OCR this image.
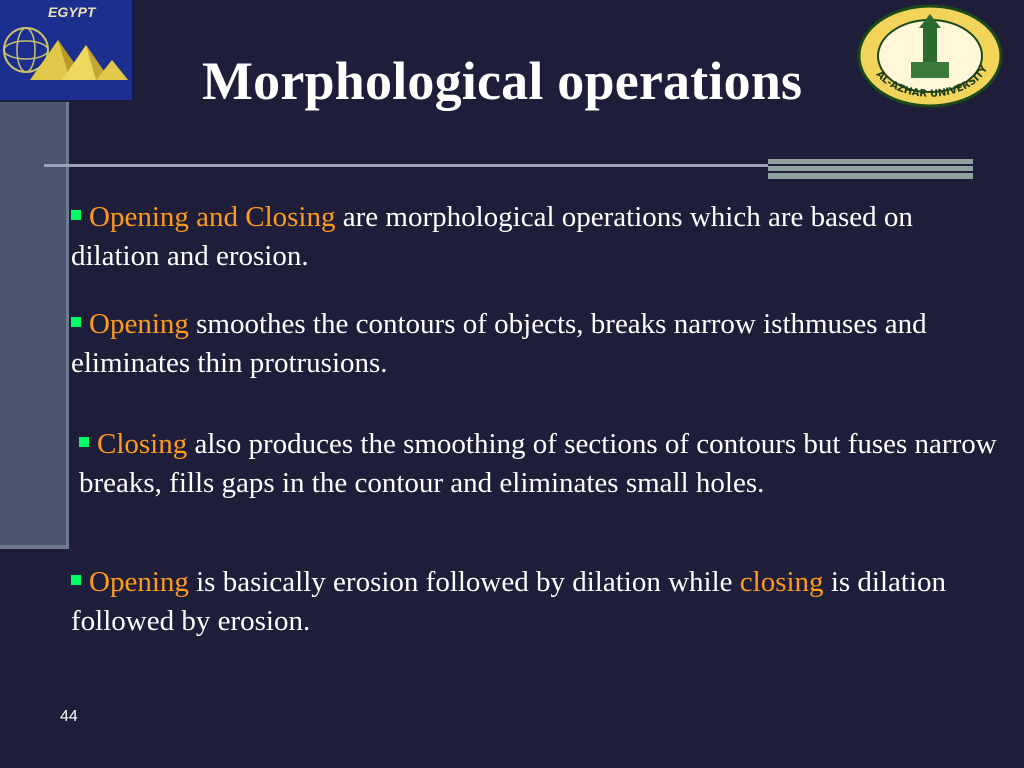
EGYPT
AL-AZHAR UNIVERSITY
Morphological operations
Opening and Closing are morphological operations which are based on dilation and erosion.
Opening smoothes the contours of objects, breaks narrow isthmuses and eliminates thin protrusions.
Closing also produces the smoothing of sections of contours but fuses narrow breaks, fills gaps in the contour and eliminates small holes.
Opening is basically erosion followed by dilation while closing is dilation followed by erosion.
44
